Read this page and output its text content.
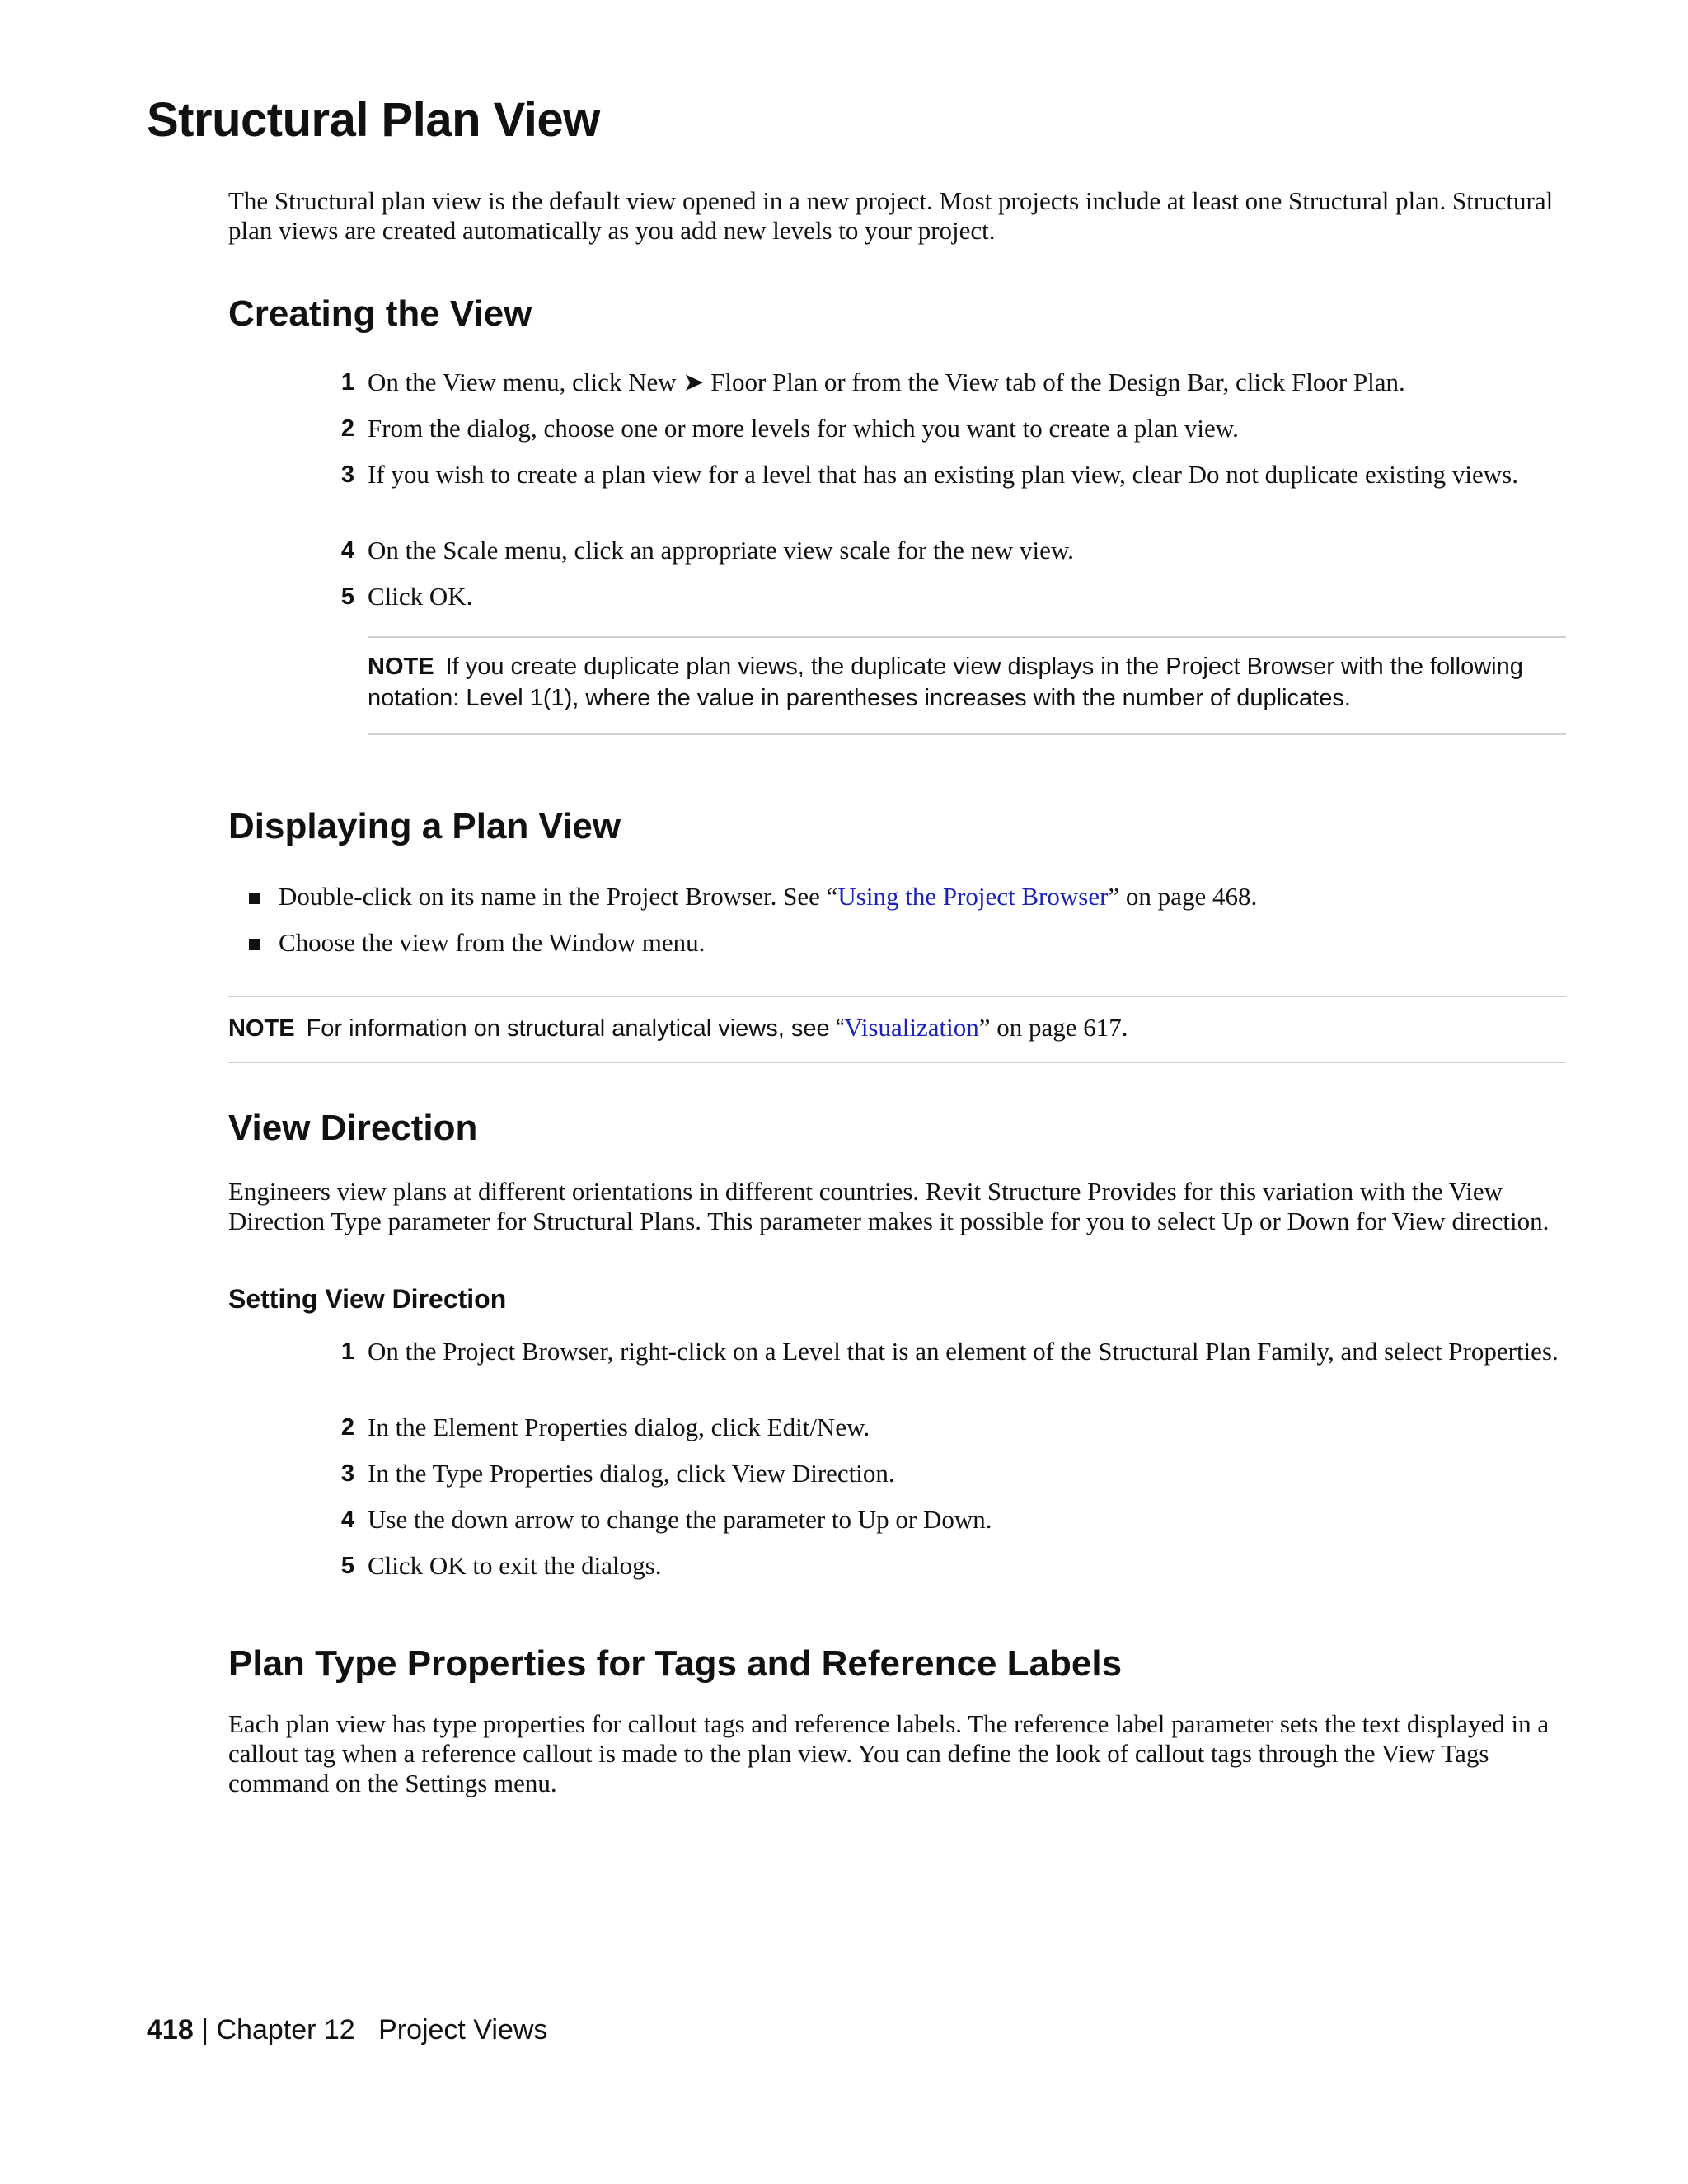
Structural Plan View
The Structural plan view is the default view opened in a new project. Most projects include at least one Structural plan. Structural plan views are created automatically as you add new levels to your project.
Creating the View
1 On the View menu, click New ➤ Floor Plan or from the View tab of the Design Bar, click Floor Plan.
2 From the dialog, choose one or more levels for which you want to create a plan view.
3 If you wish to create a plan view for a level that has an existing plan view, clear Do not duplicate existing views.
4 On the Scale menu, click an appropriate view scale for the new view.
5 Click OK.
NOTE If you create duplicate plan views, the duplicate view displays in the Project Browser with the following notation: Level 1(1), where the value in parentheses increases with the number of duplicates.
Displaying a Plan View
Double-click on its name in the Project Browser. See “Using the Project Browser” on page 468.
Choose the view from the Window menu.
NOTE For information on structural analytical views, see “Visualization” on page 617.
View Direction
Engineers view plans at different orientations in different countries. Revit Structure Provides for this variation with the View Direction Type parameter for Structural Plans. This parameter makes it possible for you to select Up or Down for View direction.
Setting View Direction
1 On the Project Browser, right-click on a Level that is an element of the Structural Plan Family, and select Properties.
2 In the Element Properties dialog, click Edit/New.
3 In the Type Properties dialog, click View Direction.
4 Use the down arrow to change the parameter to Up or Down.
5 Click OK to exit the dialogs.
Plan Type Properties for Tags and Reference Labels
Each plan view has type properties for callout tags and reference labels. The reference label parameter sets the text displayed in a callout tag when a reference callout is made to the plan view. You can define the look of callout tags through the View Tags command on the Settings menu.
418 | Chapter 12 Project Views
